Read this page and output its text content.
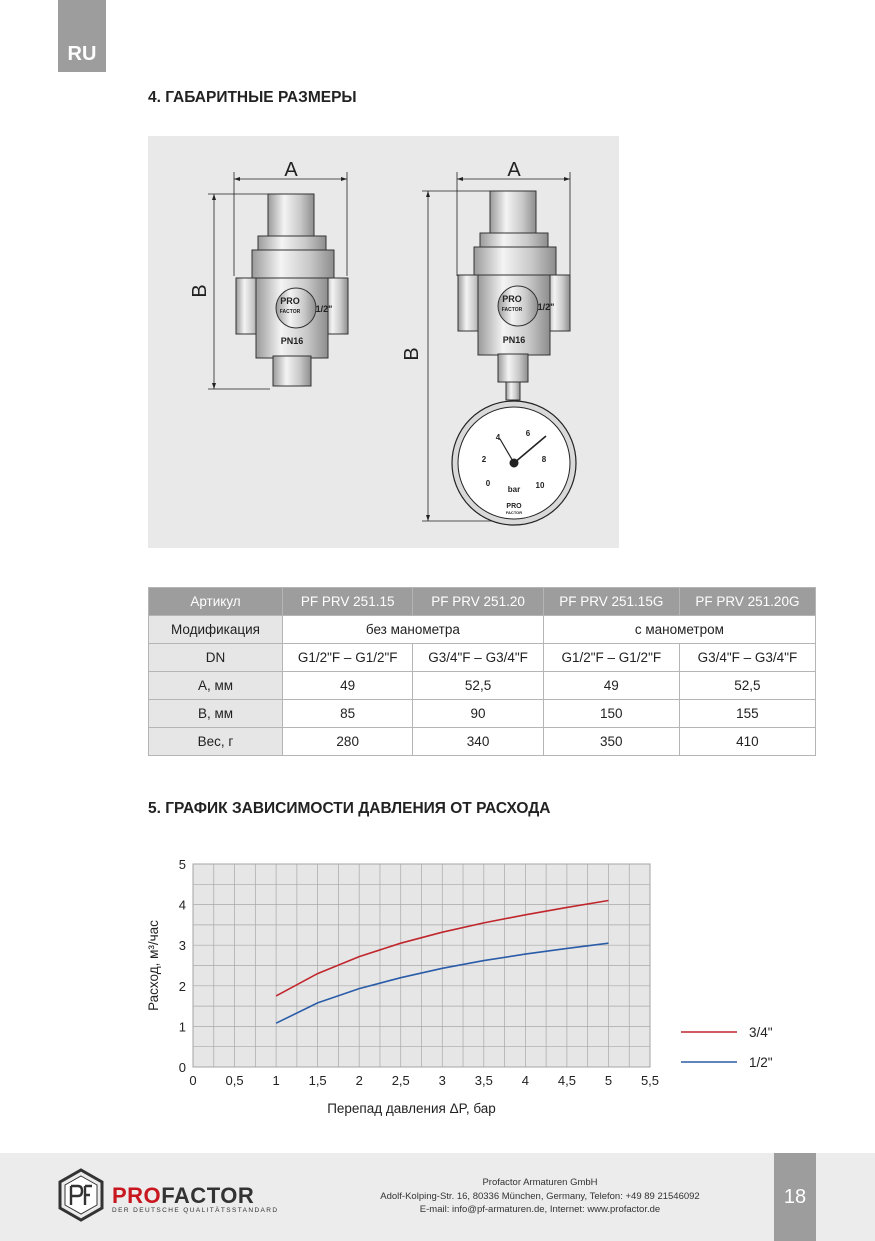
RU
4. ГАБАРИТНЫЕ РАЗМЕРЫ
A	A
B
B
PRO
FACTOR 1/2"
PN16
PRO
FACTOR 1/2"
PN16
0
2
4	6
8
10
bar
PRO
FACTOR
Артикул	PF PRV 251.15	PF PRV 251.20	PF PRV 251.15G	PF PRV 251.20G
Модификация	без манометра		с манометром	
DN	G1/2"F – G1/2"F	G3/4"F – G3/4"F	G1/2"F – G1/2"F	G3/4"F – G3/4"F
A, мм	49	52,5	49	52,5
B, мм	85	90	150	155
Вес, г	280	340	350	410
5. ГРАФИК ЗАВИСИМОСТИ ДАВЛЕНИЯ ОТ РАСХОДА
0 0,5 1 1,5 2 2,5 3 3,5 4 4,5 5 5,5
0
1
2
3
4
5
Перепад давления ΔP, бар
Расход, м³/час
3/4"
1/2"
PROFACTOR
DER DEUTSCHE QUALITÄTSSTANDARD
Profactor Armaturen GmbH
Adolf-Kolping-Str. 16, 80336 München, Germany, Telefon: +49 89 21546092
E-mail: info@pf-armaturen.de, Internet: www.profactor.de
18
